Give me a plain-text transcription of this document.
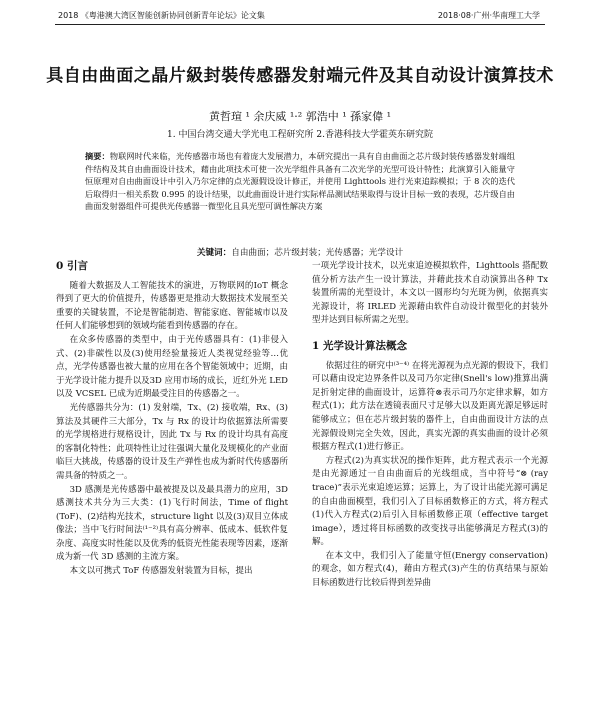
2018 《粤港澳大湾区智能创新协同创新青年论坛》论文集	2018·08·广州·华南理工大学
具自由曲面之晶片級封裝传感器发射端元件及其自动设计演算技术
黄哲瑄 ¹ 余庆威 ¹·² 郭浩中 ¹ 孫家偉 ¹
1. 中国台湾交通大学光电工程研究所 2.香港科技大学霍英东研究院
摘要：物联网时代来临，光传感器市场也有着庞大发展潜力，本研究提出一具有自由曲面之芯片级封装传感器发射端组件结构及其自由曲面设计技术，藉由此项技术可使一次光学组件具备有二次光学的光型可设计特性；此演算引入能量守恒原理对自由曲面设计中引入乃尔定律的点光源假设设计修正，并使用 Lighttools 进行光束追踪模拟；于 8 次的迭代后取得归一相关系数 0.995 的设计结果，以此曲面设计进行实际样品测试结果取得与设计目标一致的表现，芯片级自由曲面发射器组件可提供光传感器一微型化且具光型可调性解决方案
关键词：自由曲面；芯片级封装；光传感器；光学设计
0 引言

随着大数据及人工智能技术的演进，万物联网的IoT 概念得到了更大的价值提升，传感器更是推动大数据技术发展至关重要的关键装置，不论是智能制造、智能家庭、智能城市以及任何人们能够想到的领域均能看到传感器的存在。

在众多传感器的类型中，由于光传感器具有：(1)非侵入式、(2)非碳性以及(3)使用经验量接近人类视觉经验等…优点，光学传感器也被大量的应用在各个智能领域中；近期，由于光学设计能力提升以及3D 应用市场的成长，近红外光 LED 以及 VCSEL 已成为近期最受注目的传感器之一。

光传感器共分为：(1) 发射端，Tx、(2) 接收端，Rx、(3) 算法及其硬件三大部分，Tx 与 Rx 的设计均依据算法所需要的光学规格进行规格设计，因此 Tx 与 Rx 的设计均具有高度的客制化特性；此项特性让过往强调大量化及规模化的产业面临巨大挑战，传感器的设计及生产弹性也成为新时代传感器所需具备的特质之一。

3D 感测是光传感器中最被提及以及最具潜力的应用，3D 感测技术共分为三大类：(1)飞行时间法，Time of flight (ToF)、(2)结构光技术，structure light 以及(3)双目立体成像法；当中飞行时间法⁽¹⁻²⁾具有高分辨率、低成本、低软件复杂度、高度实时性能以及优秀的低资光性能表现等因素，逐渐成为新一代 3D 感测的主流方案。

本文以可携式 ToF 传感器发射装置为目标，提出

一项光学设计技术，以光束追迹模拟软件，Lighttools 搭配数值分析方法产生一设计算法，并藉此技术自动演算出各种 Tx 装置所需的光型设计，本文以一圆形均匀光斑为例，依据真实光源设计，将 IRLED 光源藉由软件自动设计微型化的封装外型并达到目标所需之光型。

1 光学设计算法概念

依据过往的研究中⁽³⁻⁴⁾ 在将光源视为点光源的假设下，我们可以藉由设定边界条件以及司乃尔定律(Snell's low)推算出满足折射定律的曲面设计，运算符⊗表示司乃尔定律求解，如方程式(1)；此方法在透镜表面尺寸足够大以及距离光源足够远时能够成立；但在芯片级封装的器件上，自由曲面设计方法的点光源假设则完全失效，因此，真实光源的真实曲面的设计必须根据方程式(1)进行修正。

方程式(2)为真实状况的操作矩阵，此方程式表示一个光源是由光源通过一自由曲面后的光线组成，当中符号“⊗ (ray trace)”表示光束追迹运算；运算上，为了设计出能光源可满足的自由曲面模型，我们引入了目标函数修正的方式，将方程式(1)代入方程式(2)后引入目标函数修正项（effective target image），透过将目标函数的改变找寻出能够满足方程式(3)的解。

在本文中，我们引入了能量守恒(Energy conservation)的观念，如方程式(4)，藉由方程式(3)产生的仿真结果与原始目标函数进行比较后得到差异曲
